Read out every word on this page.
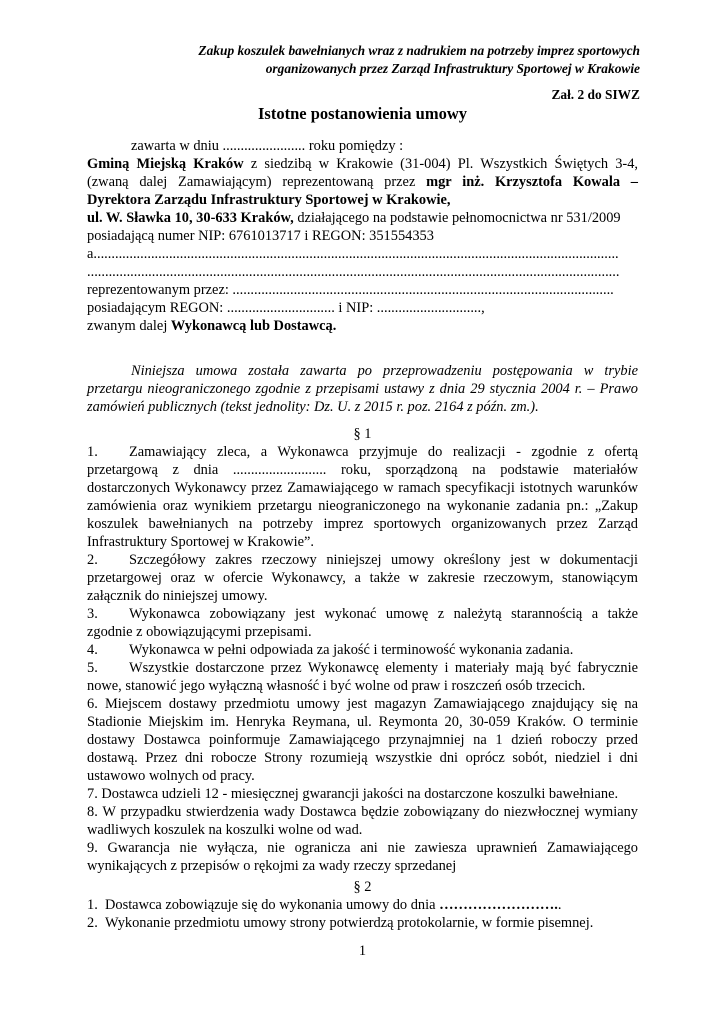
Zakup koszulek bawełnianych wraz z nadrukiem na potrzeby imprez sportowych
organizowanych przez Zarząd Infrastruktury Sportowej w Krakowie
Zał. 2 do SIWZ
Istotne postanowienia umowy
zawarta w dniu ....................... roku pomiędzy :
Gminą Miejską Kraków z siedzibą w Krakowie (31-004) Pl. Wszystkich Świętych 3-4,
(zwaną dalej Zamawiającym) reprezentowaną przez mgr inż. Krzysztofa Kowala –
Dyrektora Zarządu Infrastruktury Sportowej w Krakowie,
ul. W. Sławka 10, 30-633 Kraków, działającego na podstawie pełnomocnictwa nr 531/2009
posiadającą numer NIP: 6761013717 i REGON: 351554353
a..................................................................................................................................................
....................................................................................................................................................
reprezentowanym przez: ..........................................................................................................
posiadającym REGON: .............................. i NIP: .............................,
zwanym dalej Wykonawcą lub Dostawcą.
Niniejsza umowa została zawarta po przeprowadzeniu postępowania w trybie
przetargu nieograniczonego zgodnie z przepisami ustawy z dnia 29 stycznia 2004 r. – Prawo
zamówień publicznych (tekst jednolity: Dz. U. z 2015 r. poz. 2164 z późn. zm.).
§ 1
1. Zamawiający zleca, a Wykonawca przyjmuje do realizacji - zgodnie z ofertą
przetargową z dnia .......................... roku, sporządzoną na podstawie materiałów
dostarczonych Wykonawcy przez Zamawiającego w ramach specyfikacji istotnych warunków
zamówienia oraz wynikiem przetargu nieograniczonego na wykonanie zadania pn.: „Zakup
koszulek bawełnianych na potrzeby imprez sportowych organizowanych przez Zarząd
Infrastruktury Sportowej w Krakowie”.
2. Szczegółowy zakres rzeczowy niniejszej umowy określony jest w dokumentacji
przetargowej oraz w ofercie Wykonawcy, a także w zakresie rzeczowym, stanowiącym
załącznik do niniejszej umowy.
3. Wykonawca zobowiązany jest wykonać umowę z należytą starannością a także
zgodnie z obowiązującymi przepisami.
4. Wykonawca w pełni odpowiada za jakość i terminowość wykonania zadania.
5. Wszystkie dostarczone przez Wykonawcę elementy i materiały mają być fabrycznie
nowe, stanowić jego wyłączną własność i być wolne od praw i roszczeń osób trzecich.
6. Miejscem dostawy przedmiotu umowy jest magazyn Zamawiającego znajdujący się na
Stadionie Miejskim im. Henryka Reymana, ul. Reymonta 20, 30-059 Kraków. O terminie
dostawy Dostawca poinformuje Zamawiającego przynajmniej na 1 dzień roboczy przed
dostawą. Przez dni robocze Strony rozumieją wszystkie dni oprócz sobót, niedziel i dni
ustawowo wolnych od pracy.
7. Dostawca udzieli 12 - miesięcznej gwarancji jakości na dostarczone koszulki bawełniane.
8. W przypadku stwierdzenia wady Dostawca będzie zobowiązany do niezwłocznej wymiany
wadliwych koszulek na koszulki wolne od wad.
9. Gwarancja nie wyłącza, nie ogranicza ani nie zawiesza uprawnień Zamawiającego
wynikających z przepisów o rękojmi za wady rzeczy sprzedanej
§ 2
1. Dostawca zobowiązuje się do wykonania umowy do dnia ……………………..
2. Wykonanie przedmiotu umowy strony potwierdzą protokolarnie, w formie pisemnej.
1
